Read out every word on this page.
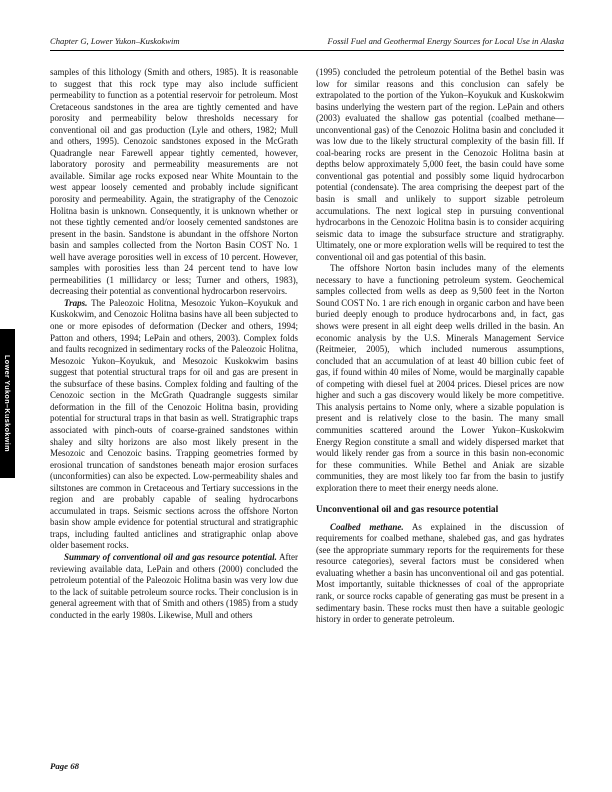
Chapter G, Lower Yukon–Kuskokwim	Fossil Fuel and Geothermal Energy Sources for Local Use in Alaska
Lower Yukon–Kuskokwim

samples of this lithology (Smith and others, 1985). It is reasonable to suggest that this rock type may also include sufficient permeability to function as a potential reservoir for petroleum. Most Cretaceous sandstones in the area are tightly cemented and have porosity and permeability below thresholds necessary for conventional oil and gas production (Lyle and others, 1982; Mull and others, 1995). Cenozoic sandstones exposed in the McGrath Quadrangle near Farewell appear tightly cemented, however, laboratory porosity and permeability measurements are not available. Similar age rocks exposed near White Mountain to the west appear loosely cemented and probably include significant porosity and permeability. Again, the stratigraphy of the Cenozoic Holitna basin is unknown. Consequently, it is unknown whether or not these tightly cemented and/or loosely cemented sandstones are present in the basin. Sandstone is abundant in the offshore Norton basin and samples collected from the Norton Basin COST No. 1 well have average porosities well in excess of 10 percent. However, samples with porosities less than 24 percent tend to have low permeabilities (1 millidarcy or less; Turner and others, 1983), decreasing their potential as conventional hydrocarbon reservoirs.

Traps. The Paleozoic Holitna, Mesozoic Yukon–Koyukuk and Kuskokwim, and Cenozoic Holitna basins have all been subjected to one or more episodes of deformation (Decker and others, 1994; Patton and others, 1994; LePain and others, 2003). Complex folds and faults recognized in sedimentary rocks of the Paleozoic Holitna, Mesozoic Yukon–Koyukuk, and Mesozoic Kuskokwim basins suggest that potential structural traps for oil and gas are present in the subsurface of these basins. Complex folding and faulting of the Cenozoic section in the McGrath Quadrangle suggests similar deformation in the fill of the Cenozoic Holitna basin, providing potential for structural traps in that basin as well. Stratigraphic traps associated with pinch-outs of coarse-grained sandstones within shaley and silty horizons are also most likely present in the Mesozoic and Cenozoic basins. Trapping geometries formed by erosional truncation of sandstones beneath major erosion surfaces (unconformities) can also be expected. Low-permeability shales and siltstones are common in Cretaceous and Tertiary successions in the region and are probably capable of sealing hydrocarbons accumulated in traps. Seismic sections across the offshore Norton basin show ample evidence for potential structural and stratigraphic traps, including faulted anticlines and stratigraphic onlap above older basement rocks.

Summary of conventional oil and gas resource potential. After reviewing available data, LePain and others (2000) concluded the petroleum potential of the Paleozoic Holitna basin was very low due to the lack of suitable petroleum source rocks. Their conclusion is in general agreement with that of Smith and others (1985) from a study conducted in the early 1980s. Likewise, Mull and others

(1995) concluded the petroleum potential of the Bethel basin was low for similar reasons and this conclusion can safely be extrapolated to the portion of the Yukon–Koyukuk and Kuskokwim basins underlying the western part of the region. LePain and others (2003) evaluated the shallow gas potential (coalbed methane—unconventional gas) of the Cenozoic Holitna basin and concluded it was low due to the likely structural complexity of the basin fill. If coal-bearing rocks are present in the Cenozoic Holitna basin at depths below approximately 5,000 feet, the basin could have some conventional gas potential and possibly some liquid hydrocarbon potential (condensate). The area comprising the deepest part of the basin is small and unlikely to support sizable petroleum accumulations. The next logical step in pursuing conventional hydrocarbons in the Cenozoic Holitna basin is to consider acquiring seismic data to image the subsurface structure and stratigraphy. Ultimately, one or more exploration wells will be required to test the conventional oil and gas potential of this basin.

The offshore Norton basin includes many of the elements necessary to have a functioning petroleum system. Geochemical samples collected from wells as deep as 9,500 feet in the Norton Sound COST No. 1 are rich enough in organic carbon and have been buried deeply enough to produce hydrocarbons and, in fact, gas shows were present in all eight deep wells drilled in the basin. An economic analysis by the U.S. Minerals Management Service (Reitmeier, 2005), which included numerous assumptions, concluded that an accumulation of at least 40 billion cubic feet of gas, if found within 40 miles of Nome, would be marginally capable of competing with diesel fuel at 2004 prices. Diesel prices are now higher and such a gas discovery would likely be more competitive. This analysis pertains to Nome only, where a sizable population is present and is relatively close to the basin. The many small communities scattered around the Lower Yukon–Kuskokwim Energy Region constitute a small and widely dispersed market that would likely render gas from a source in this basin non-economic for these communities. While Bethel and Aniak are sizable communities, they are most likely too far from the basin to justify exploration there to meet their energy needs alone.

Unconventional oil and gas resource potential

Coalbed methane. As explained in the discussion of requirements for coalbed methane, shalebed gas, and gas hydrates (see the appropriate summary reports for the requirements for these resource categories), several factors must be considered when evaluating whether a basin has unconventional oil and gas potential. Most importantly, suitable thicknesses of coal of the appropriate rank, or source rocks capable of generating gas must be present in a sedimentary basin. These rocks must then have a suitable geologic history in order to generate petroleum.

Page 68
